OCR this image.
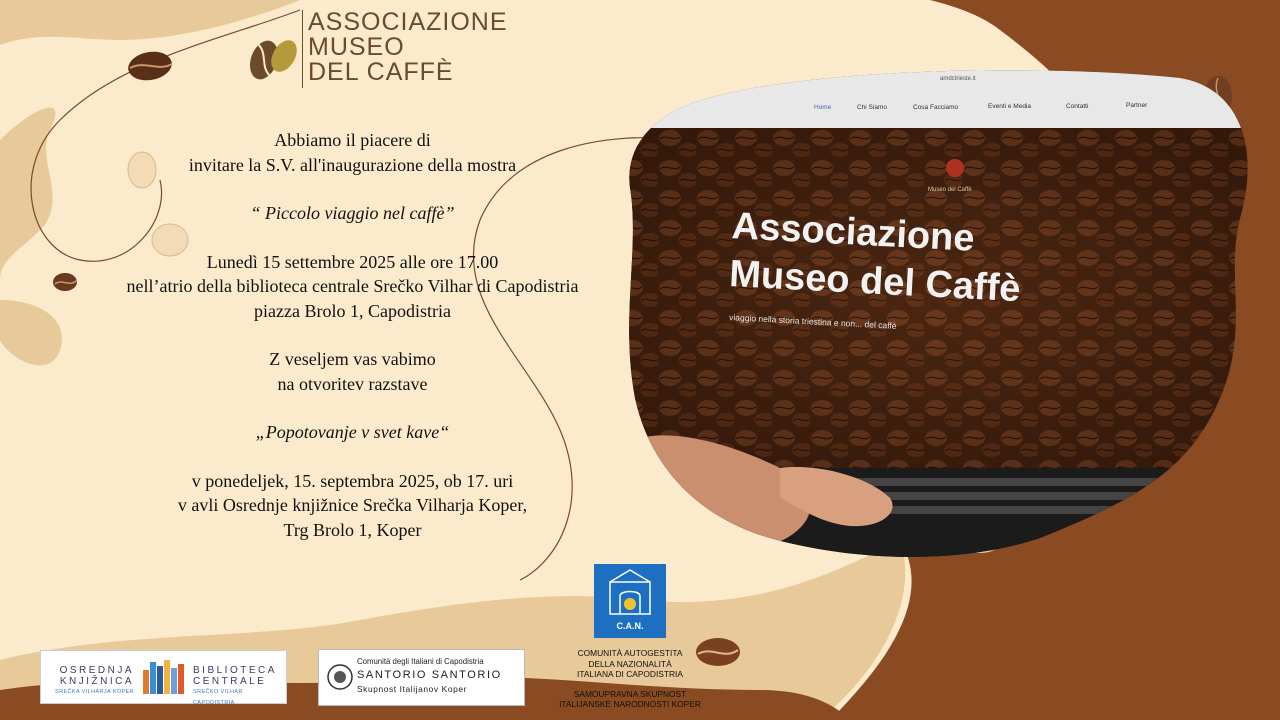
ASSOCIAZIONE
MUSEO
DEL CAFFÈ

Abbiamo il piacere di

invitare la S.V. all'inaugurazione della mostra

“ Piccolo viaggio nel caffè”

Lunedì 15 settembre 2025 alle ore 17.00

nell’atrio della biblioteca centrale Srečko Vilhar di Capodistria

piazza Brolo 1, Capodistria

Z veseljem vas vabimo

na otvoritev razstave

„Popotovanje v svet kave“

v ponedeljek, 15. septembra 2025, ob 17. uri

v avli Osrednje knjižnice Srečka Vilharja Koper,

Trg Brolo 1, Koper

amdctrieste.it
Home	Chi Siamo	Cosa Facciamo	Eventi e Media	Contatti	Partner
Museo del Caffè
Associazione
Museo del Caffè
viaggio nella storia triestina e non... del caffè
OSREDNJA
KNJIŽNICA
SREČKA VILHARJA KOPER
BIBLIOTECA
CENTRALE
SREČKO VILHAR CAPODISTRIA
Comunità degli Italiani di Capodistria
SANTORIO SANTORIO
Skupnost Italijanov Koper
C.A.N.
COMUNITÀ AUTOGESTITA
DELLA NAZIONALITÀ
ITALIANA DI CAPODISTRIA
SAMOUPRAVNA SKUPNOST
ITALIJANSKE NARODNOSTI KOPER
